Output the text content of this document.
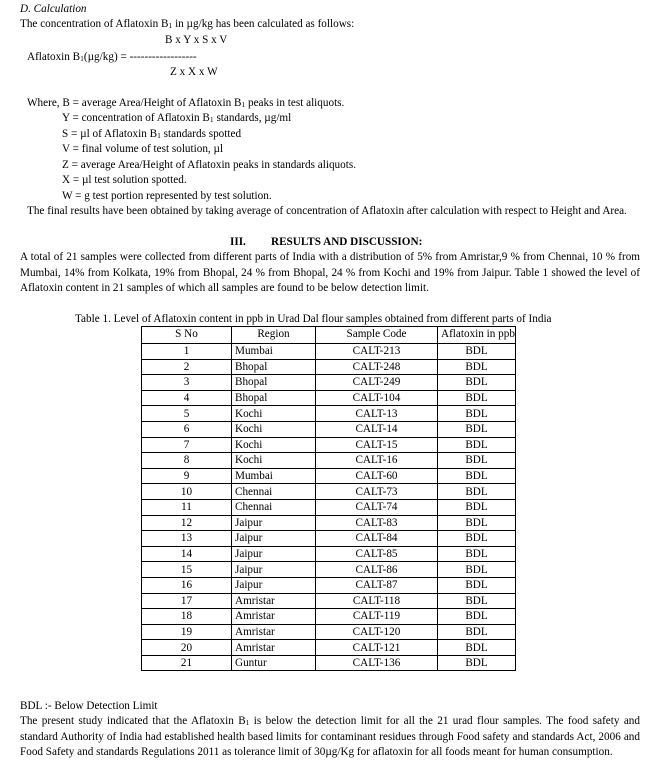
D. Calculation
The concentration of Aflatoxin $B_1$ in µg/kg has been calculated as follows:
B x Y x S x V
Aflatoxin $B_1(\mu g/kg)$ = ------------------
Z x X x W
Where, B = average Area/Height of Aflatoxin $B_1$ peaks in test aliquots.
Y = concentration of Aflatoxin $B_1$ standards, µg/ml
S = µl of Aflatoxin $B_1$ standards spotted
V = final volume of test solution, µl
Z = average Area/Height of Aflatoxin peaks in standards aliquots.
X = µl test solution spotted.
W = g test portion represented by test solution.
The final results have been obtained by taking average of concentration of Aflatoxin after calculation with respect to Height and Area.
III. RESULTS AND DISCUSSION:
A total of 21 samples were collected from different parts of India with a distribution of 5% from Amristar,9 % from Chennai, 10 % from Mumbai, 14% from Kolkata, 19% from Bhopal, 24 % from Bhopal, 24 % from Kochi and 19% from Jaipur. Table 1 showed the level of Aflatoxin content in 21 samples of which all samples are found to be below detection limit.
Table 1. Level of Aflatoxin content in ppb in Urad Dal flour samples obtained from different parts of India
S No	Region	Sample Code	Aflatoxin in ppb
1	Mumbai	CALT-213	BDL
2	Bhopal	CALT-248	BDL
3	Bhopal	CALT-249	BDL
4	Bhopal	CALT-104	BDL
5	Kochi	CALT-13	BDL
6	Kochi	CALT-14	BDL
7	Kochi	CALT-15	BDL
8	Kochi	CALT-16	BDL
9	Mumbai	CALT-60	BDL
10	Chennai	CALT-73	BDL
11	Chennai	CALT-74	BDL
12	Jaipur	CALT-83	BDL
13	Jaipur	CALT-84	BDL
14	Jaipur	CALT-85	BDL
15	Jaipur	CALT-86	BDL
16	Jaipur	CALT-87	BDL
17	Amristar	CALT-118	BDL
18	Amristar	CALT-119	BDL
19	Amristar	CALT-120	BDL
20	Amristar	CALT-121	BDL
21	Guntur	CALT-136	BDL
BDL :- Below Detection Limit
The present study indicated that the Aflatoxin $B_1$ is below the detection limit for all the 21 urad flour samples. The food safety and standard Authority of India had established health based limits for contaminant residues through Food safety and standards Act, 2006 and Food Safety and standards Regulations 2011 as tolerance limit of 30µg/Kg for aflatoxin for all foods meant for human consumption.
